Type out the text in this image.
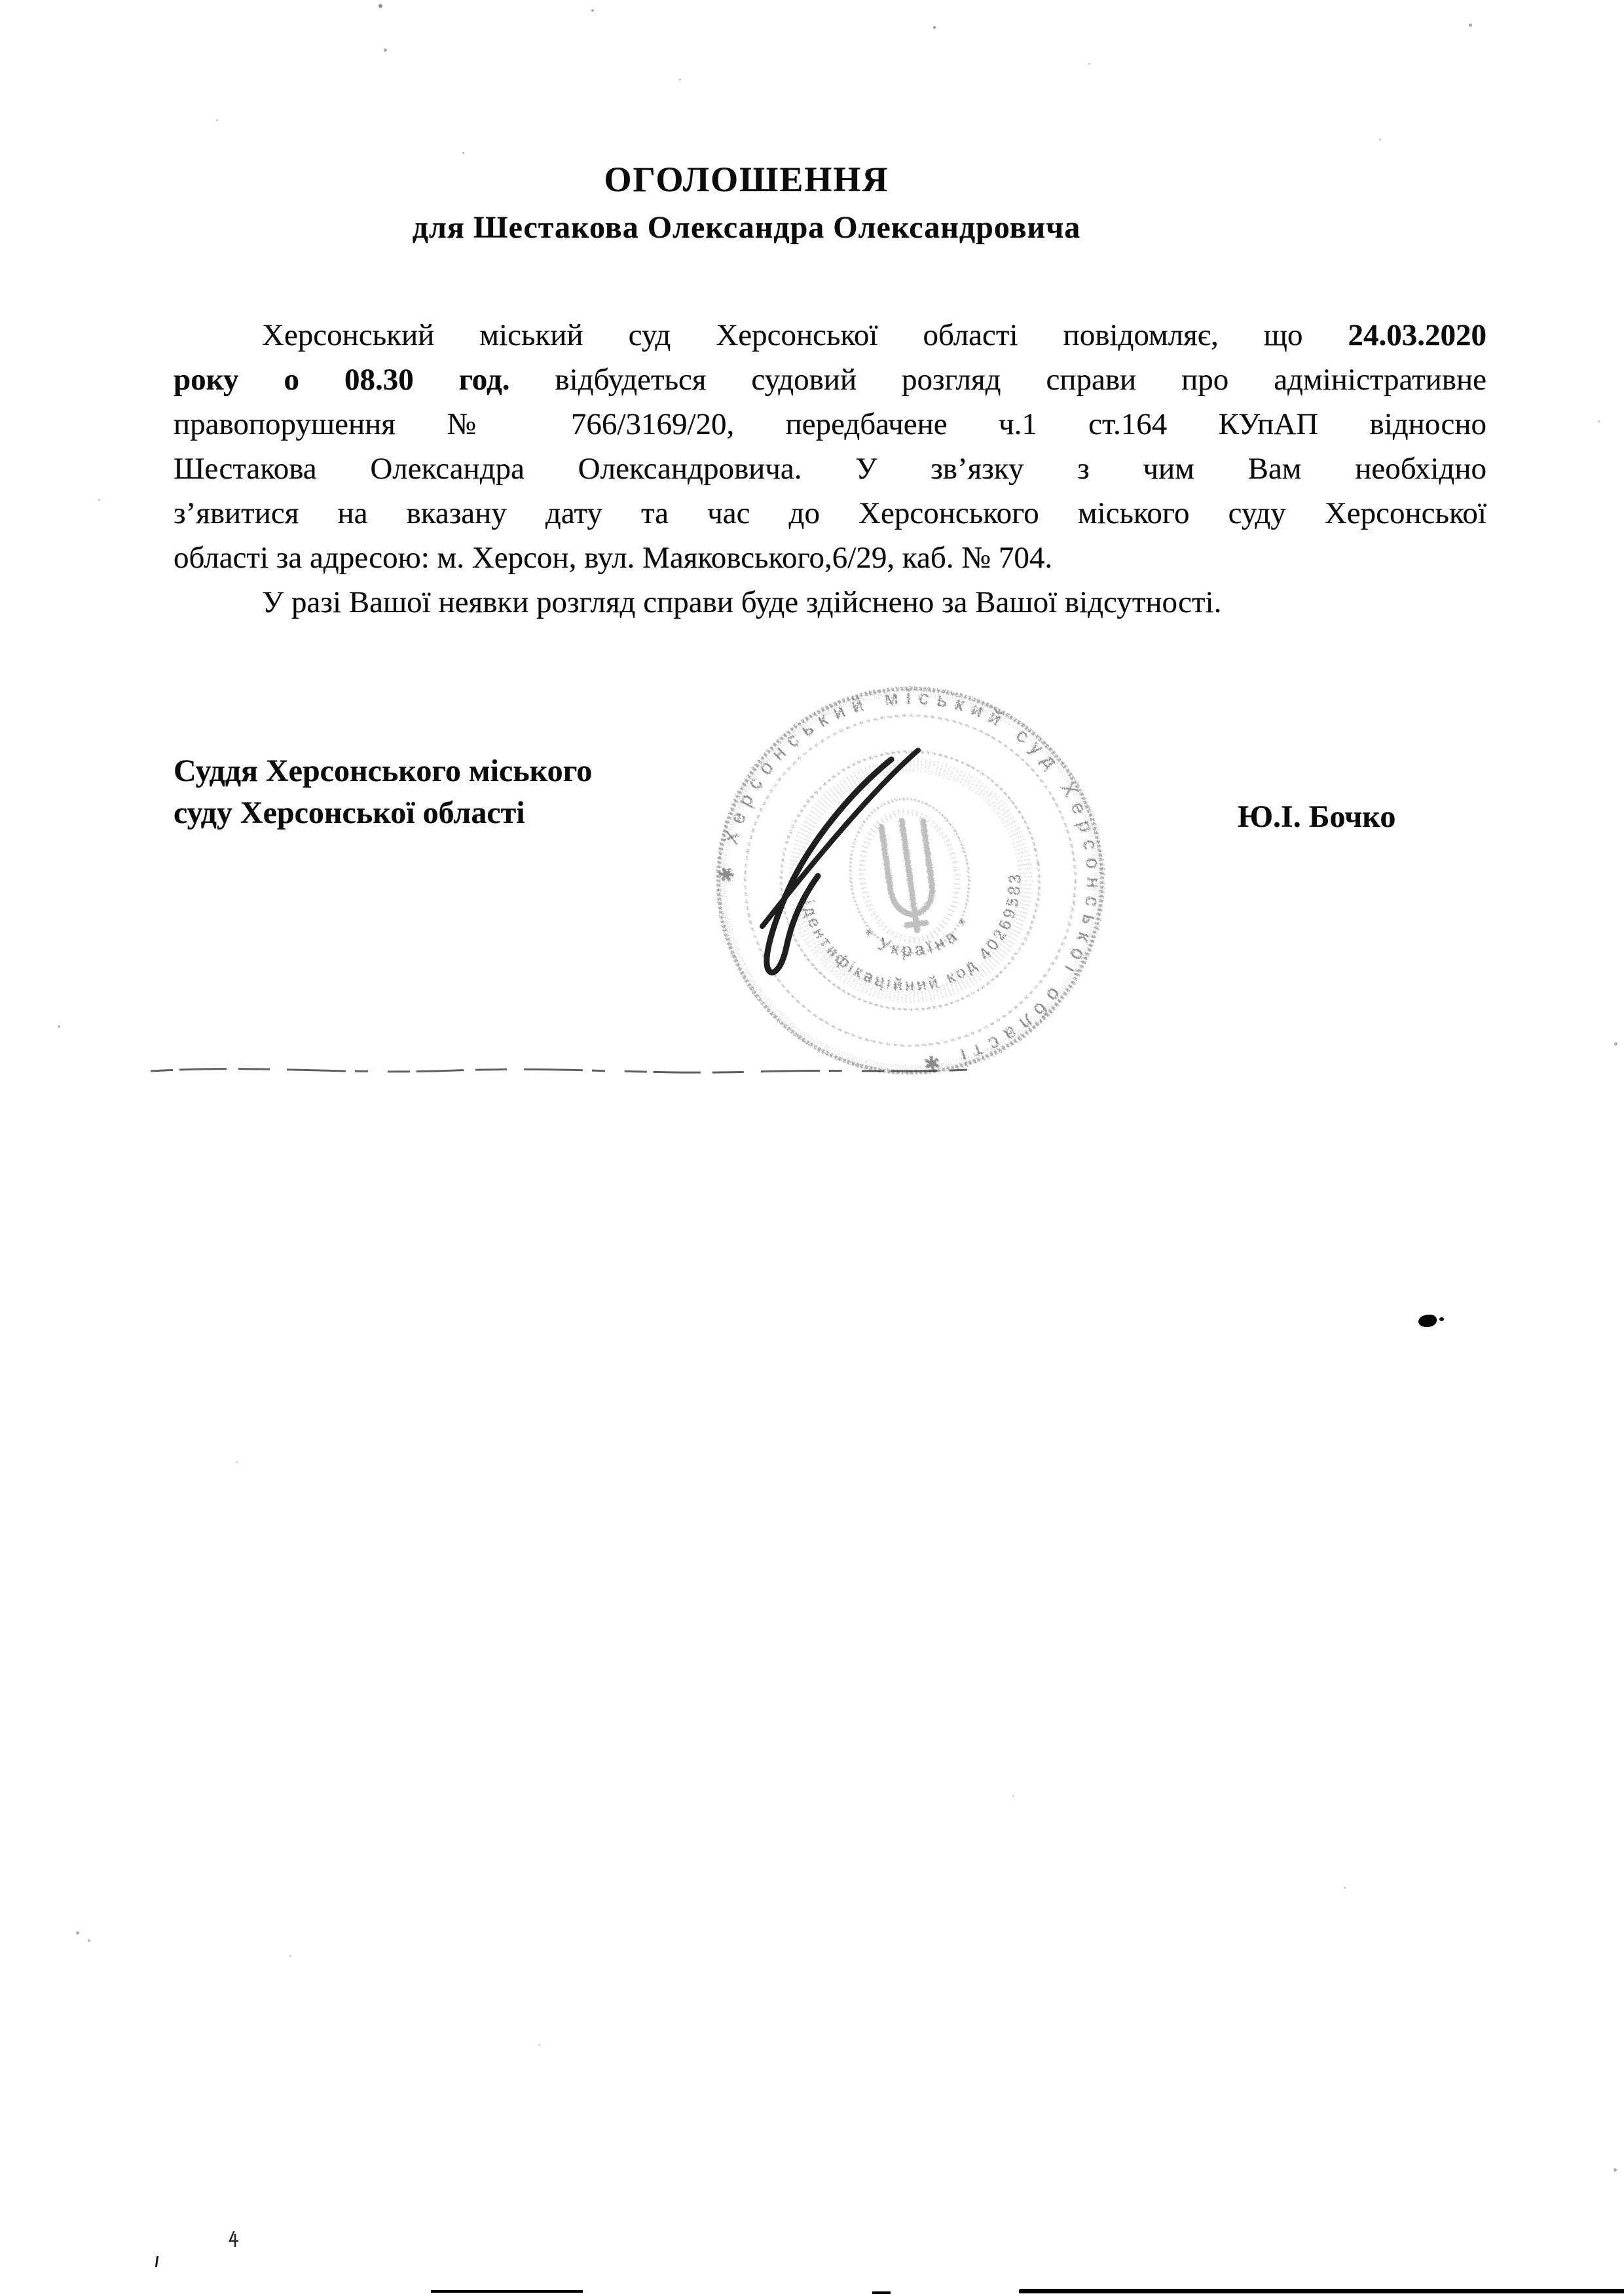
ОГОЛОШЕННЯ
для Шестакова Олександра Олександровича
Херсонський міський суд Херсонської області повідомляє, що 24.03.2020
року о 08.30 год. відбудеться судовий розгляд справи про адміністративне
правопорушення № 766/3169/20, передбачене ч.1 ст.164 КУпАП відносно
Шестакова Олександра Олександровича. У зв’язку з чим Вам необхідно
з’явитися на вказану дату та час до Херсонського міського суду Херсонської
області за адресою: м. Херсон, вул. Маяковського,6/29, каб. № 704.
У разі Вашої неявки розгляд справи буде здійснено за Вашої відсутності.
Суддя Херсонського міського
суду Херсонської області	Ю.І. Бочко
✱ Херсонський міський суд Херсонської області ✱
ідентифікаційний код 40269583
* Україна *
